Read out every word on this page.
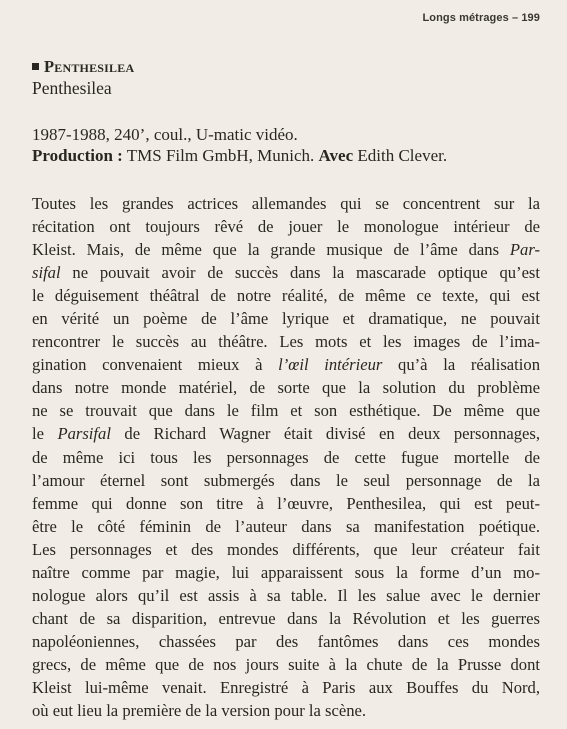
Longs métrages – 199
Penthesilea
Penthesilea
1987-1988, 240’, coul., U-matic vidéo.
Production : TMS Film GmbH, Munich. Avec Edith Clever.
Toutes les grandes actrices allemandes qui se concentrent sur la
récitation ont toujours rêvé de jouer le monologue intérieur de
Kleist. Mais, de même que la grande musique de l’âme dans Par-
sifal ne pouvait avoir de succès dans la mascarade optique qu’est
le déguisement théâtral de notre réalité, de même ce texte, qui est
en vérité un poème de l’âme lyrique et dramatique, ne pouvait
rencontrer le succès au théâtre. Les mots et les images de l’ima-
gination convenaient mieux à l’œil intérieur qu’à la réalisation
dans notre monde matériel, de sorte que la solution du problème
ne se trouvait que dans le film et son esthétique. De même que
le Parsifal de Richard Wagner était divisé en deux personnages,
de même ici tous les personnages de cette fugue mortelle de
l’amour éternel sont submergés dans le seul personnage de la
femme qui donne son titre à l’œuvre, Penthesilea, qui est peut-
être le côté féminin de l’auteur dans sa manifestation poétique.
Les personnages et des mondes différents, que leur créateur fait
naître comme par magie, lui apparaissent sous la forme d’un mo-
nologue alors qu’il est assis à sa table. Il les salue avec le dernier
chant de sa disparition, entrevue dans la Révolution et les guerres
napoléoniennes, chassées par des fantômes dans ces mondes
grecs, de même que de nos jours suite à la chute de la Prusse dont
Kleist lui-même venait. Enregistré à Paris aux Bouffes du Nord,
où eut lieu la première de la version pour la scène.
